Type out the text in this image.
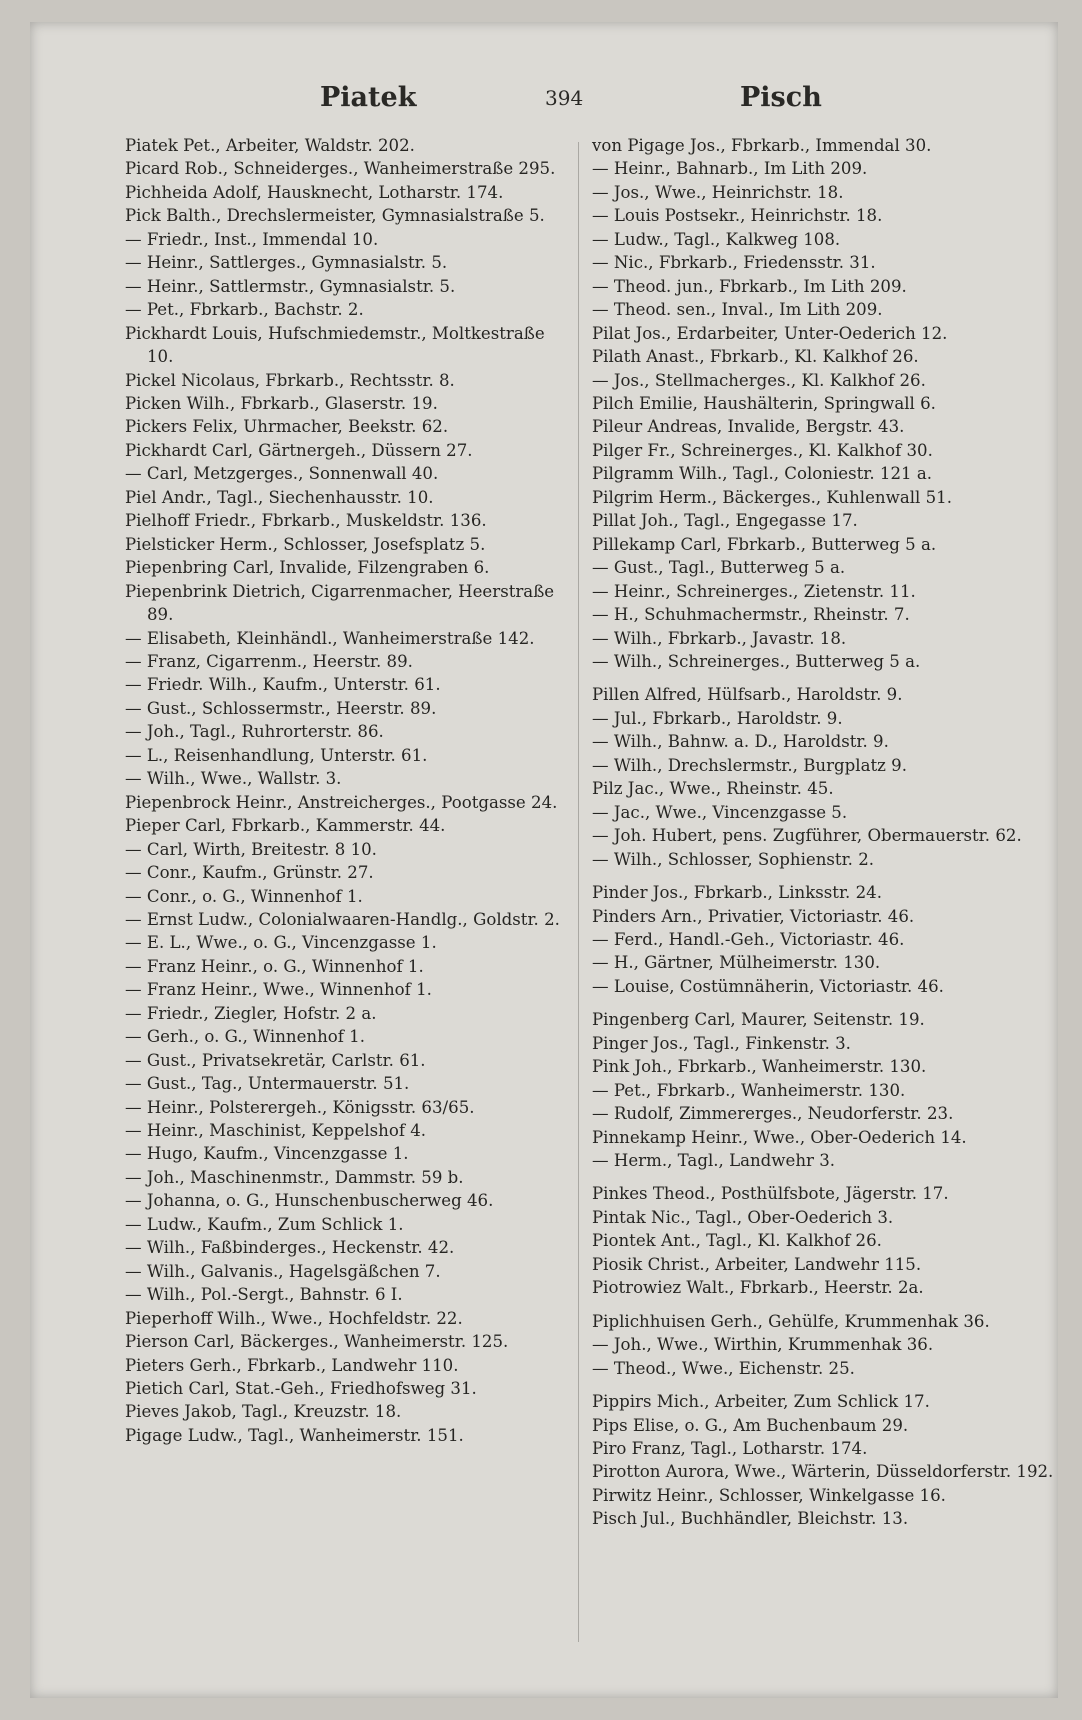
Piatek	394	Pisch

Piatek Pet., Arbeiter, Waldstr. 202.

Picard Rob., Schneiderges., Wanheimerstraße 295.

Pichheida Adolf, Hausknecht, Lotharstr. 174.

Pick Balth., Drechslermeister, Gymnasialstraße 5.

— Friedr., Inst., Immendal 10.

— Heinr., Sattlerges., Gymnasialstr. 5.

— Heinr., Sattlermstr., Gymnasialstr. 5.

— Pet., Fbrkarb., Bachstr. 2.

Pickhardt Louis, Hufschmiedemstr., Moltkestraße 10.

Pickel Nicolaus, Fbrkarb., Rechtsstr. 8.

Picken Wilh., Fbrkarb., Glaserstr. 19.

Pickers Felix, Uhrmacher, Beekstr. 62.

Pickhardt Carl, Gärtnergeh., Düssern 27.

— Carl, Metzgerges., Sonnenwall 40.

Piel Andr., Tagl., Siechenhausstr. 10.

Pielhoff Friedr., Fbrkarb., Muskeldstr. 136.

Pielsticker Herm., Schlosser, Josefsplatz 5.

Piepenbring Carl, Invalide, Filzengraben 6.

Piepenbrink Dietrich, Cigarrenmacher, Heerstraße 89.

— Elisabeth, Kleinhändl., Wanheimerstraße 142.

— Franz, Cigarrenm., Heerstr. 89.

— Friedr. Wilh., Kaufm., Unterstr. 61.

— Gust., Schlossermstr., Heerstr. 89.

— Joh., Tagl., Ruhrorterstr. 86.

— L., Reisenhandlung, Unterstr. 61.

— Wilh., Wwe., Wallstr. 3.

Piepenbrock Heinr., Anstreicherges., Pootgasse 24.

Pieper Carl, Fbrkarb., Kammerstr. 44.

— Carl, Wirth, Breitestr. 8 10.

— Conr., Kaufm., Grünstr. 27.

— Conr., o. G., Winnenhof 1.

— Ernst Ludw., Colonialwaaren-Handlg., Goldstr. 2.

— E. L., Wwe., o. G., Vincenzgasse 1.

— Franz Heinr., o. G., Winnenhof 1.

— Franz Heinr., Wwe., Winnenhof 1.

— Friedr., Ziegler, Hofstr. 2 a.

— Gerh., o. G., Winnenhof 1.

— Gust., Privatsekretär, Carlstr. 61.

— Gust., Tag., Untermauerstr. 51.

— Heinr., Polsterergeh., Königsstr. 63/65.

— Heinr., Maschinist, Keppelshof 4.

— Hugo, Kaufm., Vincenzgasse 1.

— Joh., Maschinenmstr., Dammstr. 59 b.

— Johanna, o. G., Hunschenbuscherweg 46.

— Ludw., Kaufm., Zum Schlick 1.

— Wilh., Faßbinderges., Heckenstr. 42.

— Wilh., Galvanis., Hagelsgäßchen 7.

— Wilh., Pol.-Sergt., Bahnstr. 6 I.

Pieperhoff Wilh., Wwe., Hochfeldstr. 22.

Pierson Carl, Bäckerges., Wanheimerstr. 125.

Pieters Gerh., Fbrkarb., Landwehr 110.

Pietich Carl, Stat.-Geh., Friedhofsweg 31.

Pieves Jakob, Tagl., Kreuzstr. 18.

Pigage Ludw., Tagl., Wanheimerstr. 151.

von Pigage Jos., Fbrkarb., Immendal 30.

— Heinr., Bahnarb., Im Lith 209.

— Jos., Wwe., Heinrichstr. 18.

— Louis Postsekr., Heinrichstr. 18.

— Ludw., Tagl., Kalkweg 108.

— Nic., Fbrkarb., Friedensstr. 31.

— Theod. jun., Fbrkarb., Im Lith 209.

— Theod. sen., Inval., Im Lith 209.

Pilat Jos., Erdarbeiter, Unter-Oederich 12.

Pilath Anast., Fbrkarb., Kl. Kalkhof 26.

— Jos., Stellmacherges., Kl. Kalkhof 26.

Pilch Emilie, Haushälterin, Springwall 6.

Pileur Andreas, Invalide, Bergstr. 43.

Pilger Fr., Schreinerges., Kl. Kalkhof 30.

Pilgramm Wilh., Tagl., Coloniestr. 121 a.

Pilgrim Herm., Bäckerges., Kuhlenwall 51.

Pillat Joh., Tagl., Engegasse 17.

Pillekamp Carl, Fbrkarb., Butterweg 5 a.

— Gust., Tagl., Butterweg 5 a.

— Heinr., Schreinerges., Zietenstr. 11.

— H., Schuhmachermstr., Rheinstr. 7.

— Wilh., Fbrkarb., Javastr. 18.

— Wilh., Schreinerges., Butterweg 5 a.

Pillen Alfred, Hülfsarb., Haroldstr. 9.

— Jul., Fbrkarb., Haroldstr. 9.

— Wilh., Bahnw. a. D., Haroldstr. 9.

— Wilh., Drechslermstr., Burgplatz 9.

Pilz Jac., Wwe., Rheinstr. 45.

— Jac., Wwe., Vincenzgasse 5.

— Joh. Hubert, pens. Zugführer, Obermauerstr. 62.

— Wilh., Schlosser, Sophienstr. 2.

Pinder Jos., Fbrkarb., Linksstr. 24.

Pinders Arn., Privatier, Victoriastr. 46.

— Ferd., Handl.-Geh., Victoriastr. 46.

— H., Gärtner, Mülheimerstr. 130.

— Louise, Costümnäherin, Victoriastr. 46.

Pingenberg Carl, Maurer, Seitenstr. 19.

Pinger Jos., Tagl., Finkenstr. 3.

Pink Joh., Fbrkarb., Wanheimerstr. 130.

— Pet., Fbrkarb., Wanheimerstr. 130.

— Rudolf, Zimmererges., Neudorferstr. 23.

Pinnekamp Heinr., Wwe., Ober-Oederich 14.

— Herm., Tagl., Landwehr 3.

Pinkes Theod., Posthülfsbote, Jägerstr. 17.

Pintak Nic., Tagl., Ober-Oederich 3.

Piontek Ant., Tagl., Kl. Kalkhof 26.

Piosik Christ., Arbeiter, Landwehr 115.

Piotrowiez Walt., Fbrkarb., Heerstr. 2a.

Piplichhuisen Gerh., Gehülfe, Krummenhak 36.

— Joh., Wwe., Wirthin, Krummenhak 36.

— Theod., Wwe., Eichenstr. 25.

Pippirs Mich., Arbeiter, Zum Schlick 17.

Pips Elise, o. G., Am Buchenbaum 29.

Piro Franz, Tagl., Lotharstr. 174.

Pirotton Aurora, Wwe., Wärterin, Düsseldorferstr. 192.

Pirwitz Heinr., Schlosser, Winkelgasse 16.

Pisch Jul., Buchhändler, Bleichstr. 13.
